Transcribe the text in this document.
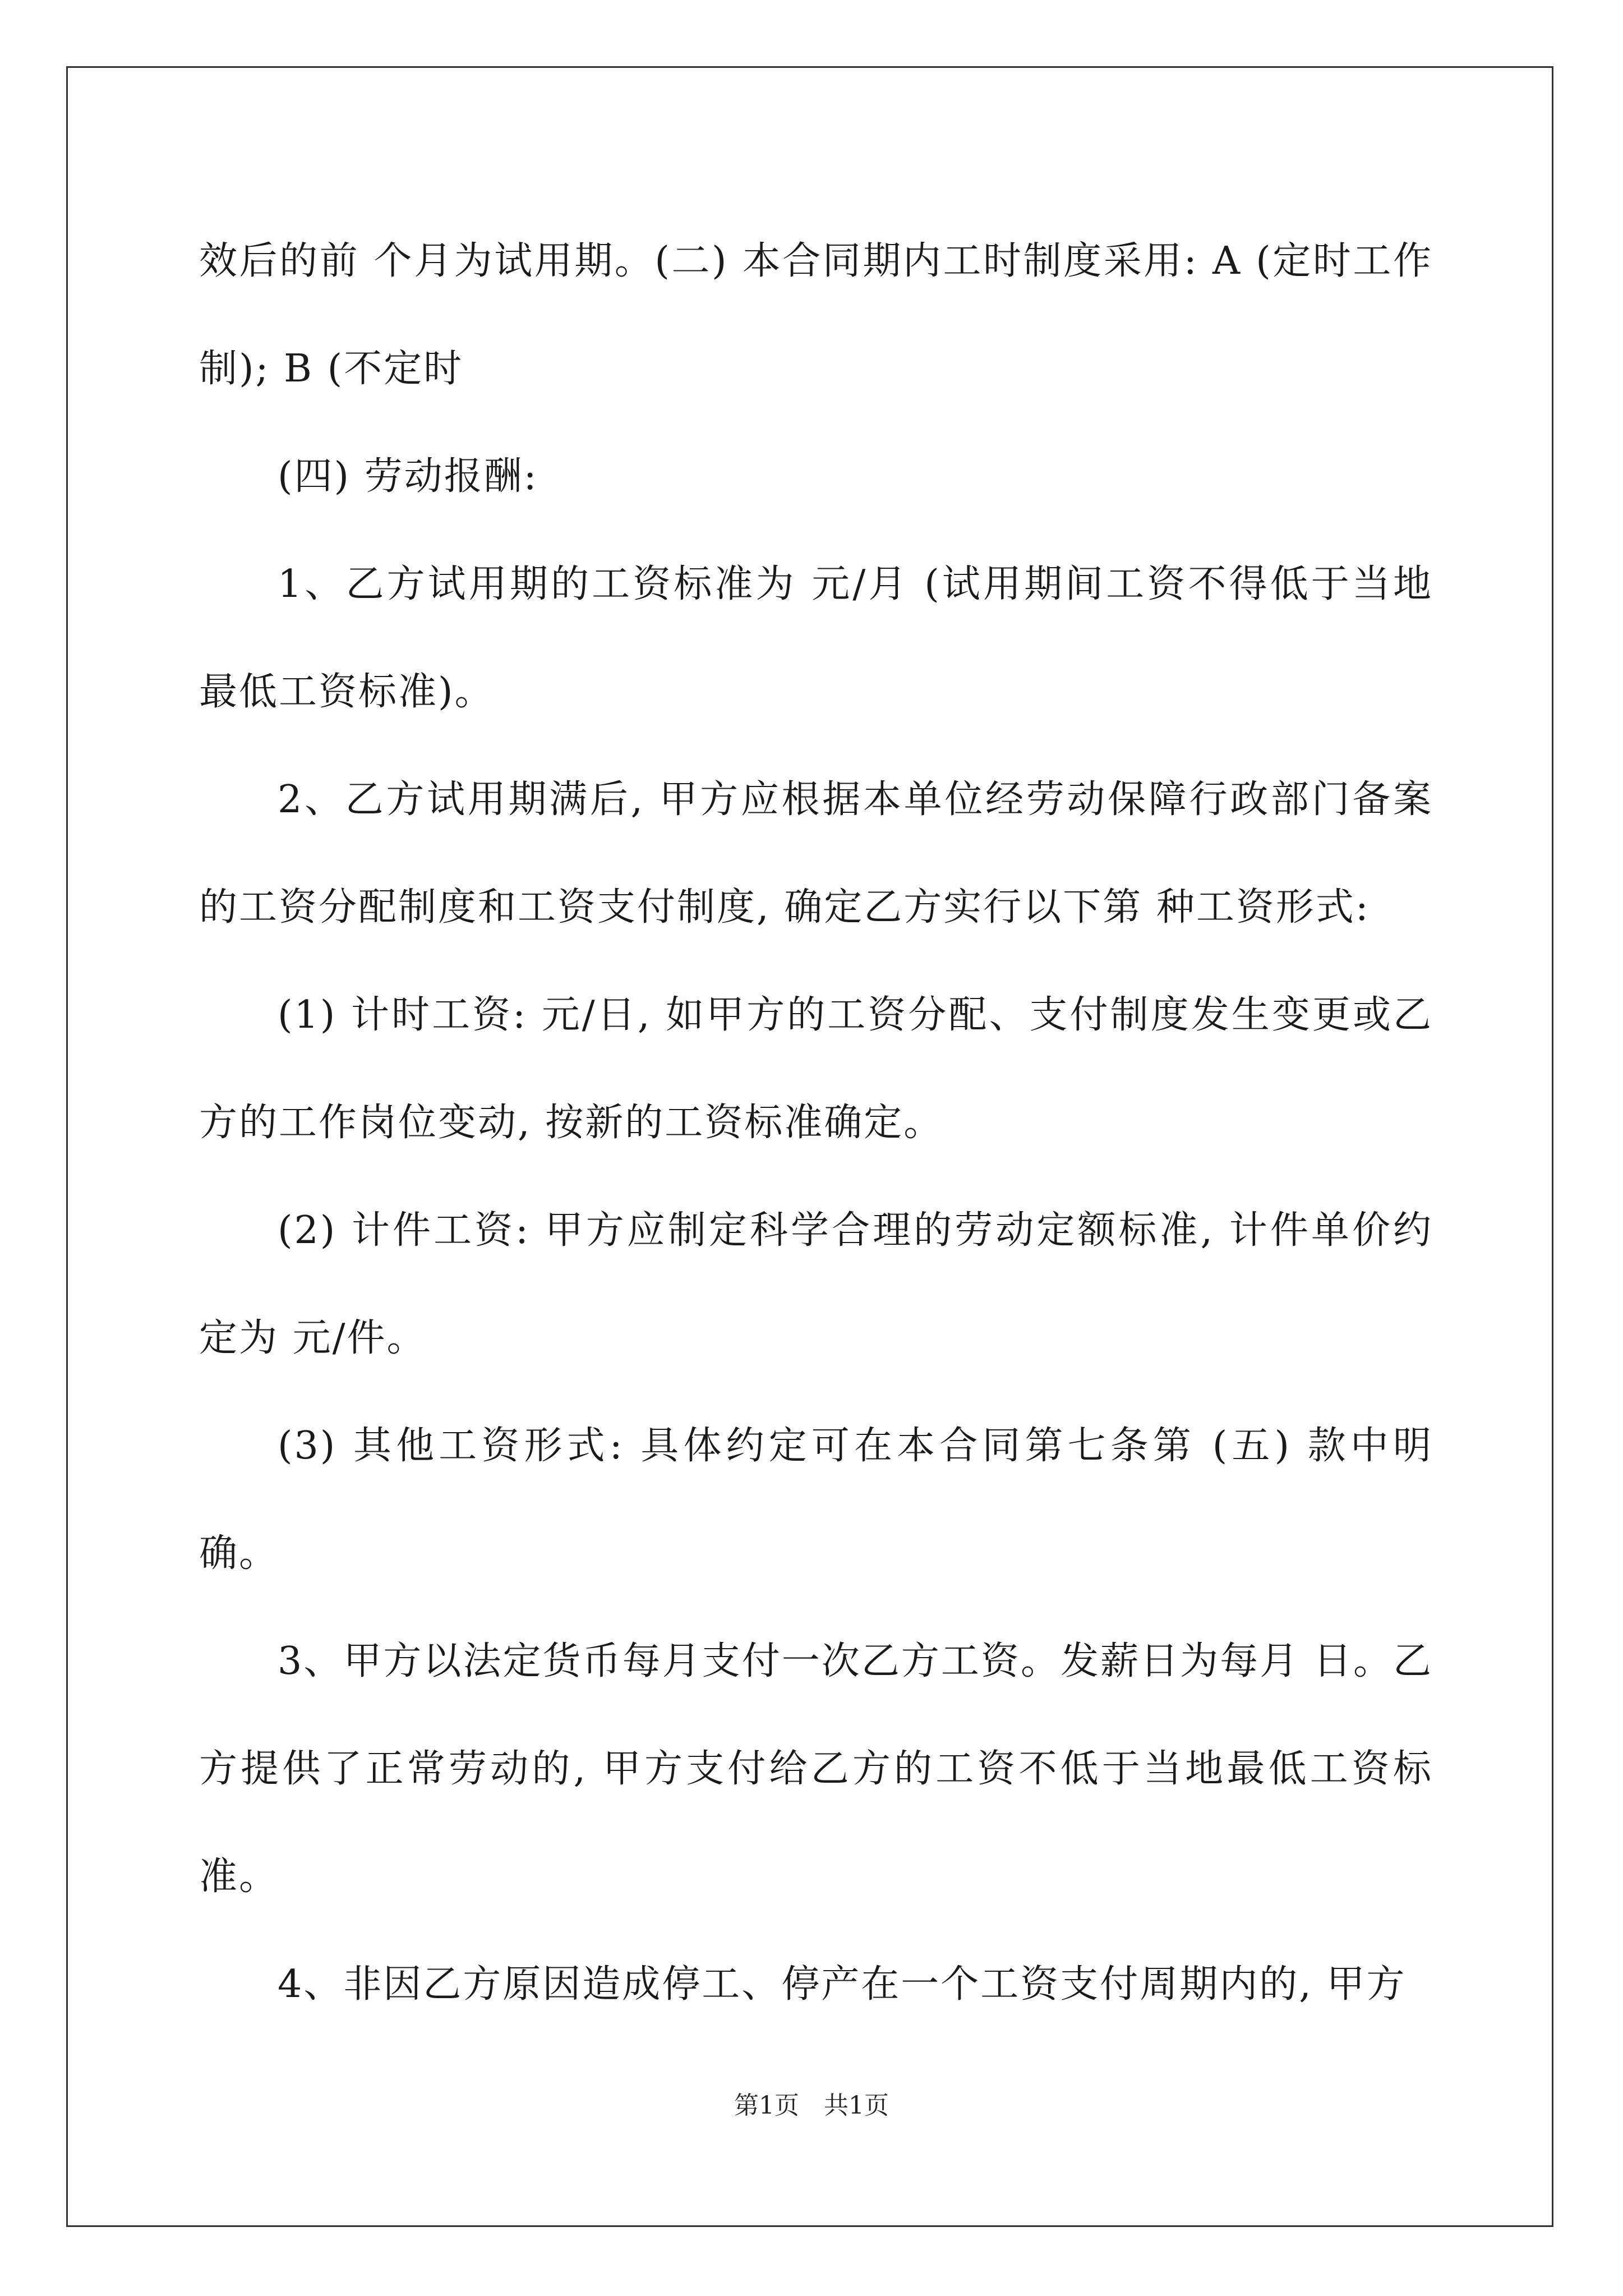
效后的前 个月为试用期。(二) 本合同期内工时制度采用: A (定时工作制); B (不定时

(四) 劳动报酬:

1、乙方试用期的工资标准为 元/月 (试用期间工资不得低于当地最低工资标准)。

2、乙方试用期满后, 甲方应根据本单位经劳动保障行政部门备案的工资分配制度和工资支付制度, 确定乙方实行以下第 种工资形式:

(1) 计时工资: 元/日, 如甲方的工资分配、支付制度发生变更或乙方的工作岗位变动, 按新的工资标准确定。

(2) 计件工资: 甲方应制定科学合理的劳动定额标准, 计件单价约定为 元/件。

(3) 其他工资形式: 具体约定可在本合同第七条第 (五) 款中明确。

3、甲方以法定货币每月支付一次乙方工资。发薪日为每月 日。乙方提供了正常劳动的, 甲方支付给乙方的工资不低于当地最低工资标准。

4、非因乙方原因造成停工、停产在一个工资支付周期内的, 甲方

第1页　共1页
